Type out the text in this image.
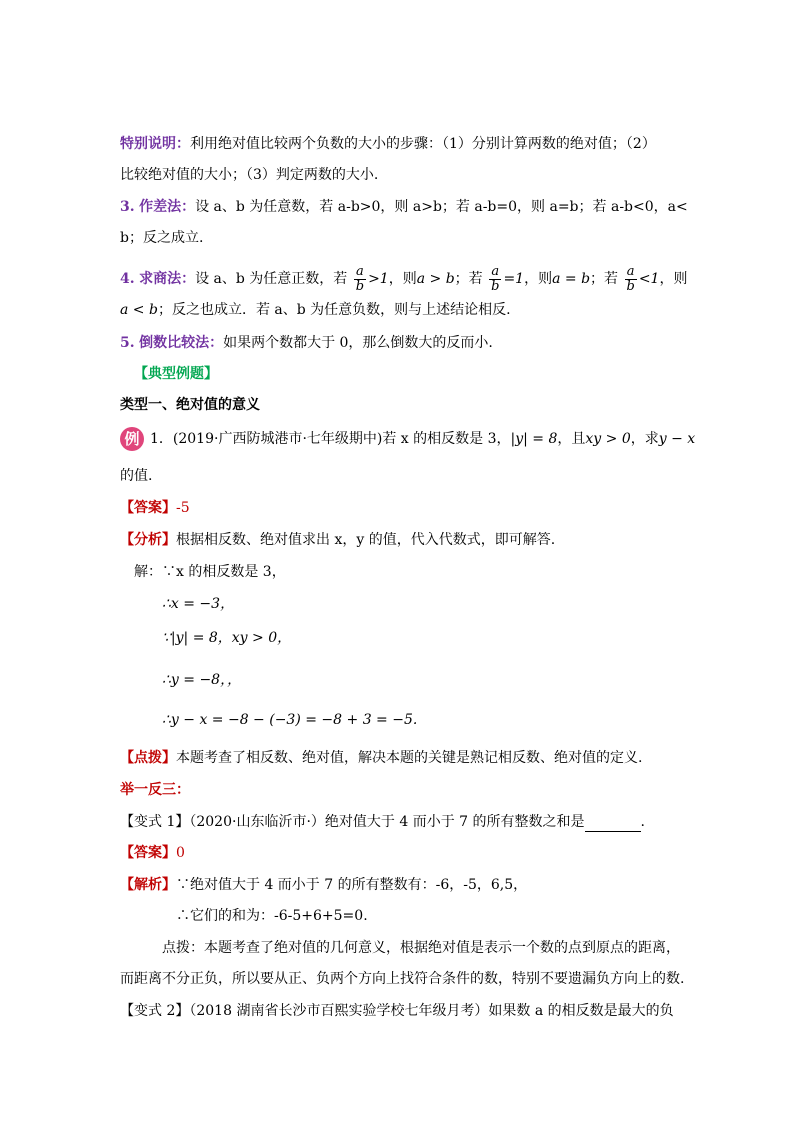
特别说明：利用绝对值比较两个负数的大小的步骤：（1）分别计算两数的绝对值；（2）
比较绝对值的大小；（3）判定两数的大小.
3. 作差法：设 a、b 为任意数，若 a-b>0，则 a>b；若 a-b=0，则 a=b；若 a-b<0，a<
b；反之成立.
4. 求商法：设 a、b 为任意正数，若 $\frac{a}{b} >1$，则a > b；若 $\frac{a}{b} =1$，则a = b；若 $\frac{a}{b} <1$，则
a < b；反之也成立．若 a、b 为任意负数，则与上述结论相反.
5. 倒数比较法：如果两个数都大于 0，那么倒数大的反而小.
【典型例题】
类型一、绝对值的意义
例 1．(2019·广西防城港市·七年级期中)若 x 的相反数是 3，|y| = 8，且xy > 0，求y − x
的值.
【答案】-5
【分析】根据相反数、绝对值求出 x，y 的值，代入代数式，即可解答.
解：∵x 的相反数是 3，
∴x = −3，
∵|y| = 8，xy > 0，
∴y = −8，，
∴y − x = −8 − (−3) = −8 + 3 = −5.
【点拨】本题考查了相反数、绝对值，解决本题的关键是熟记相反数、绝对值的定义.
举一反三：
【变式 1】（2020·山东临沂市·）绝对值大于 4 而小于 7 的所有整数之和是	.
【答案】0
【解析】∵绝对值大于 4 而小于 7 的所有整数有：-6，-5，6,5，
∴它们的和为：-6-5+6+5=0.
点拨：本题考查了绝对值的几何意义，根据绝对值是表示一个数的点到原点的距离，
而距离不分正负，所以要从正、负两个方向上找符合条件的数，特别不要遗漏负方向上的数.
【变式 2】（2018 湖南省长沙市百熙实验学校七年级月考）如果数 a 的相反数是最大的负
